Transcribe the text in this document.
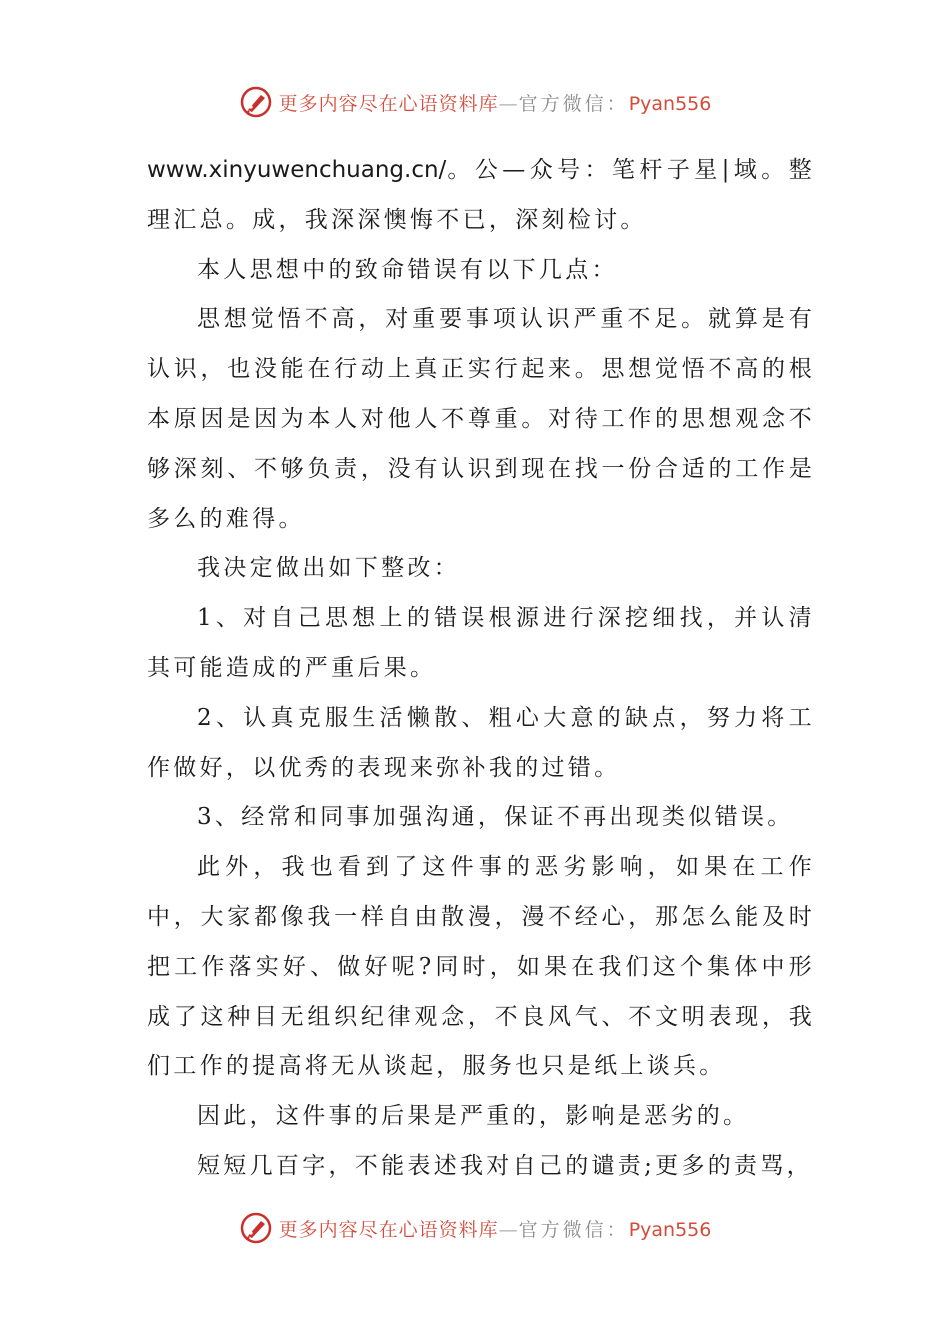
更多内容尽在心语资料库—官方微信：Pyan556

www.xinyuwenchuang.cn/。公—众号：笔杆子星|域。整理汇总。成，我深深懊悔不已，深刻检讨。

本人思想中的致命错误有以下几点：

思想觉悟不高，对重要事项认识严重不足。就算是有认识，也没能在行动上真正实行起来。思想觉悟不高的根本原因是因为本人对他人不尊重。对待工作的思想观念不够深刻、不够负责，没有认识到现在找一份合适的工作是多么的难得。

我决定做出如下整改：

1、对自己思想上的错误根源进行深挖细找，并认清其可能造成的严重后果。

2、认真克服生活懒散、粗心大意的缺点，努力将工作做好，以优秀的表现来弥补我的过错。

3、经常和同事加强沟通，保证不再出现类似错误。

此外，我也看到了这件事的恶劣影响，如果在工作中，大家都像我一样自由散漫，漫不经心，那怎么能及时把工作落实好、做好呢?同时，如果在我们这个集体中形成了这种目无组织纪律观念，不良风气、不文明表现，我们工作的提高将无从谈起，服务也只是纸上谈兵。

因此，这件事的后果是严重的，影响是恶劣的。

短短几百字，不能表述我对自己的谴责;更多的责骂，

更多内容尽在心语资料库—官方微信：Pyan556
